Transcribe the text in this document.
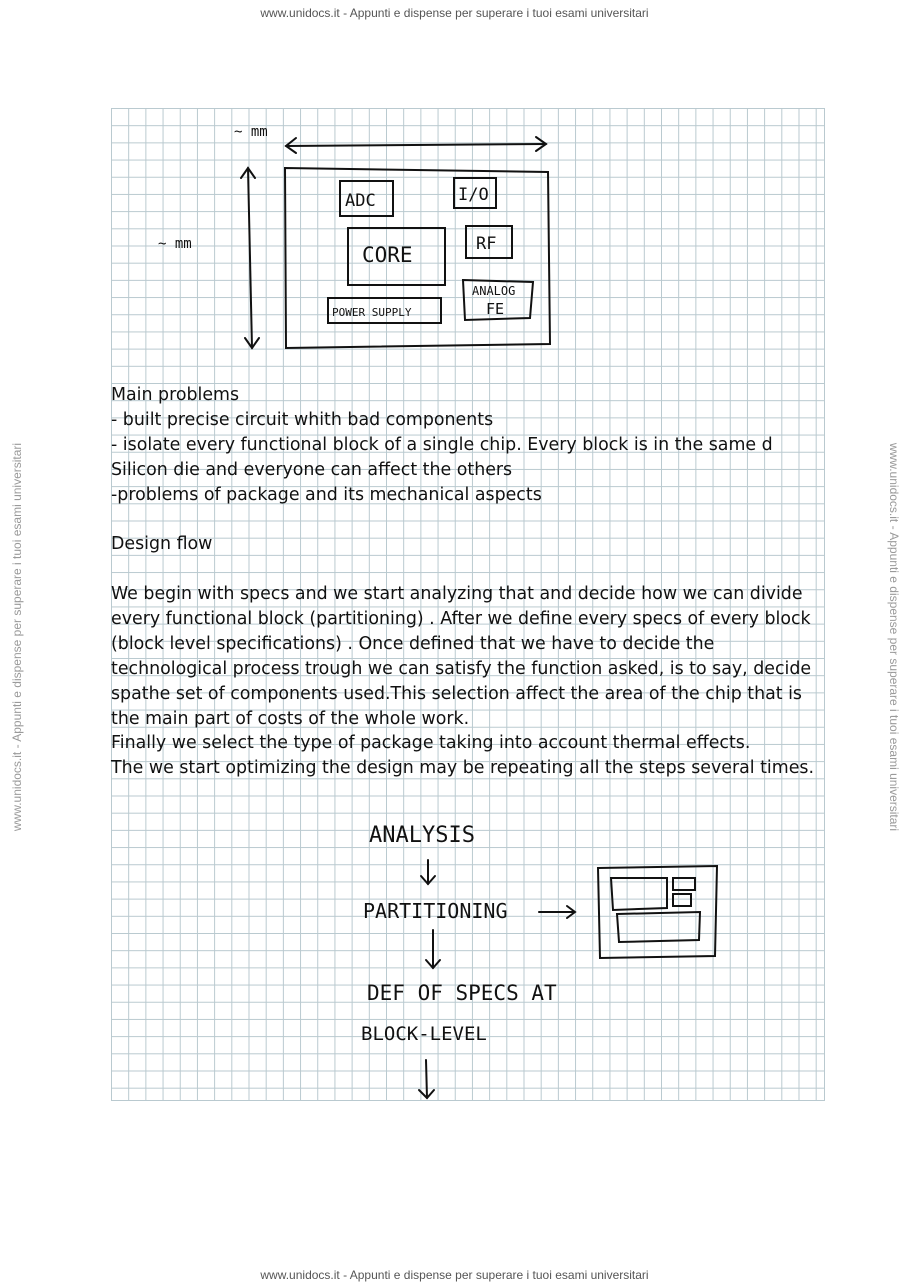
www.unidocs.it - Appunti e dispense per superare i tuoi esami universitari
www.unidocs.it - Appunti e dispense per superare i tuoi esami universitari
www.unidocs.it - Appunti e dispense per superare i tuoi esami universitari	www.unidocs.it - Appunti e dispense per superare i tuoi esami universitari
~ mm
~ mm
ADC	I/O
CORE	RF
POWER SUPPLY
ANALOG
FE
Main problems
- built precise circuit whith bad components
- isolate every functional block of a single chip. Every block is in the same d
Silicon die and everyone can affect the others
-problems of package and its mechanical aspects
Design flow
We begin with specs and we start analyzing that and decide how we can divide
every functional block (partitioning) . After we define every specs of every block
(block level specifications) . Once defined that we have to decide the
technological process trough we can satisfy the function asked, is to say, decide
spathe set of components used.This selection affect the area of the chip that is
the main part of costs of the whole work.
Finally we select the type of package taking into account thermal effects.
The we start optimizing the design may be repeating all the steps several times.
ANALYSIS
PARTITIONING
DEF OF SPECS AT
BLOCK-LEVEL
